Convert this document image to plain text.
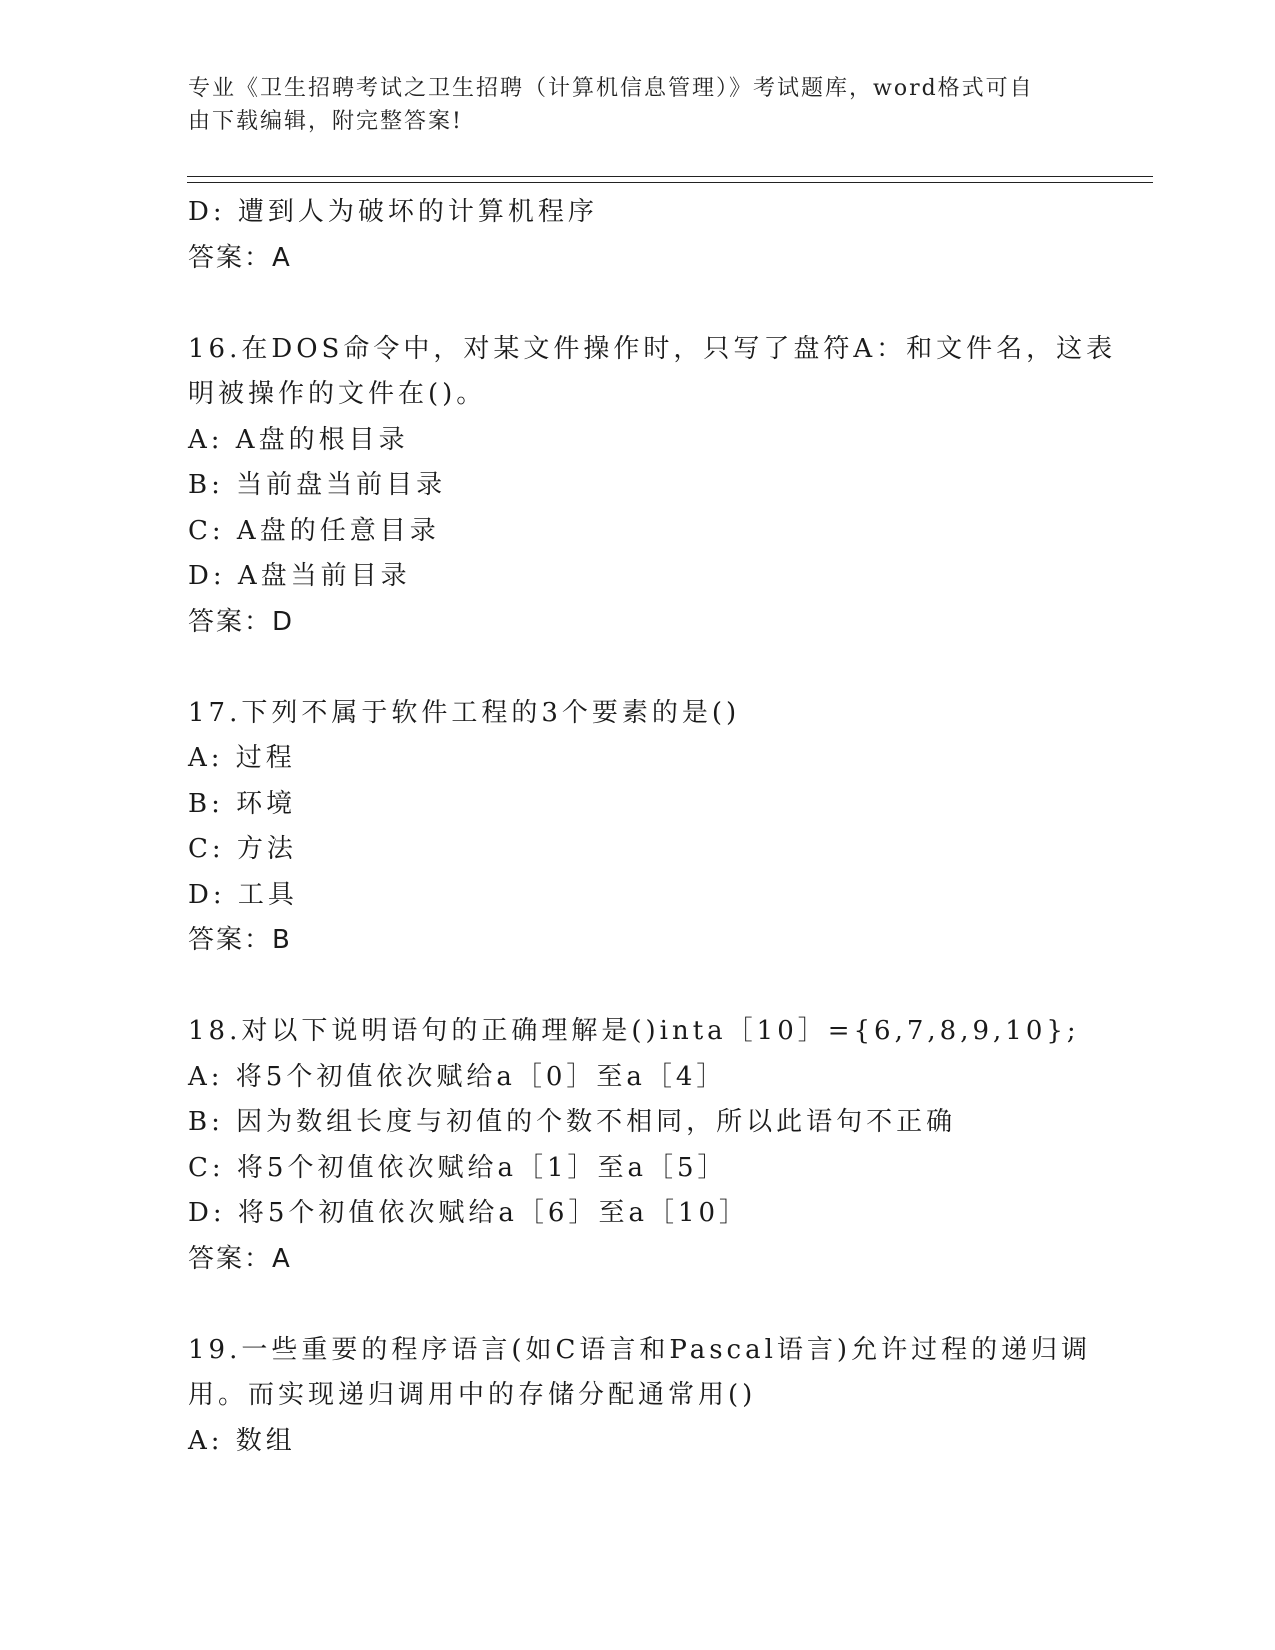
专业《卫生招聘考试之卫生招聘（计算机信息管理）》考试题库，word格式可自
由下载编辑，附完整答案!
D: 遭到人为破坏的计算机程序
答案：A
16.在DOS命令中，对某文件操作时，只写了盘符A：和文件名，这表
明被操作的文件在()。
A: A盘的根目录
B: 当前盘当前目录
C: A盘的任意目录
D: A盘当前目录
答案：D
17.下列不属于软件工程的3个要素的是()
A: 过程
B: 环境
C: 方法
D: 工具
答案：B
18.对以下说明语句的正确理解是()inta［10］={6,7,8,9,10};
A: 将5个初值依次赋给a［0］至a［4］
B: 因为数组长度与初值的个数不相同，所以此语句不正确
C: 将5个初值依次赋给a［1］至a［5］
D: 将5个初值依次赋给a［6］至a［10］
答案：A
19.一些重要的程序语言(如C语言和Pascal语言)允许过程的递归调
用。而实现递归调用中的存储分配通常用()
A: 数组
